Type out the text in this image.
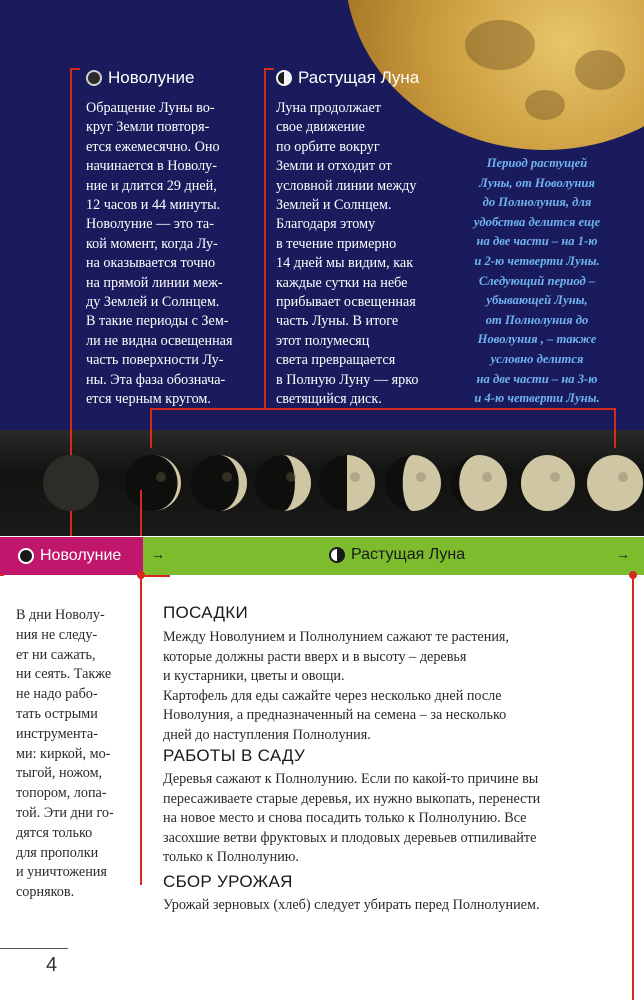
Новолуние
Обращение Луны во-
круг Земли повторя-
ется ежемесячно. Оно
начинается в Новолу-
ние и длится 29 дней,
12 часов и 44 минуты.
Новолуние — это та-
кой момент, когда Лу-
на оказывается точно
на прямой линии меж-
ду Землей и Солнцем.
В такие периоды с Зем-
ли не видна освещенная
часть поверхности Лу-
ны. Эта фаза обознача-
ется черным кругом.
Растущая Луна
Луна продолжает
свое движение
по орбите вокруг
Земли и отходит от
условной линии между
Землей и Солнцем.
Благодаря этому
в течение примерно
14 дней мы видим, как
каждые сутки на небе
прибывает освещенная
часть Луны. В итоге
этот полумесяц
света превращается
в Полную Луну — ярко
светящийся диск.
Период растущей
Луны, от Новолуния
до Полнолуния, для
удобства делится еще
на две части – на 1-ю
и 2-ю четверти Луны.
Следующий период –
убывающей Луны,
от Полнолуния до
Новолуния , – также
условно делится
на две части – на 3-ю
и 4-ю четверти Луны.
Новолуние →	Растущая Луна	→
В дни Новолу-
ния не следу-
ет ни сажать,
ни сеять. Также
не надо рабо-
тать острыми
инструмента-
ми: киркой, мо-
тыгой, ножом,
топором, лопа-
той. Эти дни го-
дятся только
для прополки
и уничтожения
сорняков.
ПОСАДКИ
Между Новолунием и Полнолунием сажают те растения,
которые должны расти вверх и в высоту – деревья
и кустарники, цветы и овощи.
Картофель для еды сажайте через несколько дней после
Новолуния, а предназначенный на семена – за несколько
дней до наступления Полнолуния.
РАБОТЫ В САДУ
Деревья сажают к Полнолунию. Если по какой-то причине вы
пересаживаете старые деревья, их нужно выкопать, перенести
на новое место и снова посадить только к Полнолунию. Все
засохшие ветви фруктовых и плодовых деревьев отпиливайте
только к Полнолунию.
СБОР УРОЖАЯ
Урожай зерновых (хлеб) следует убирать перед Полнолунием.
4
